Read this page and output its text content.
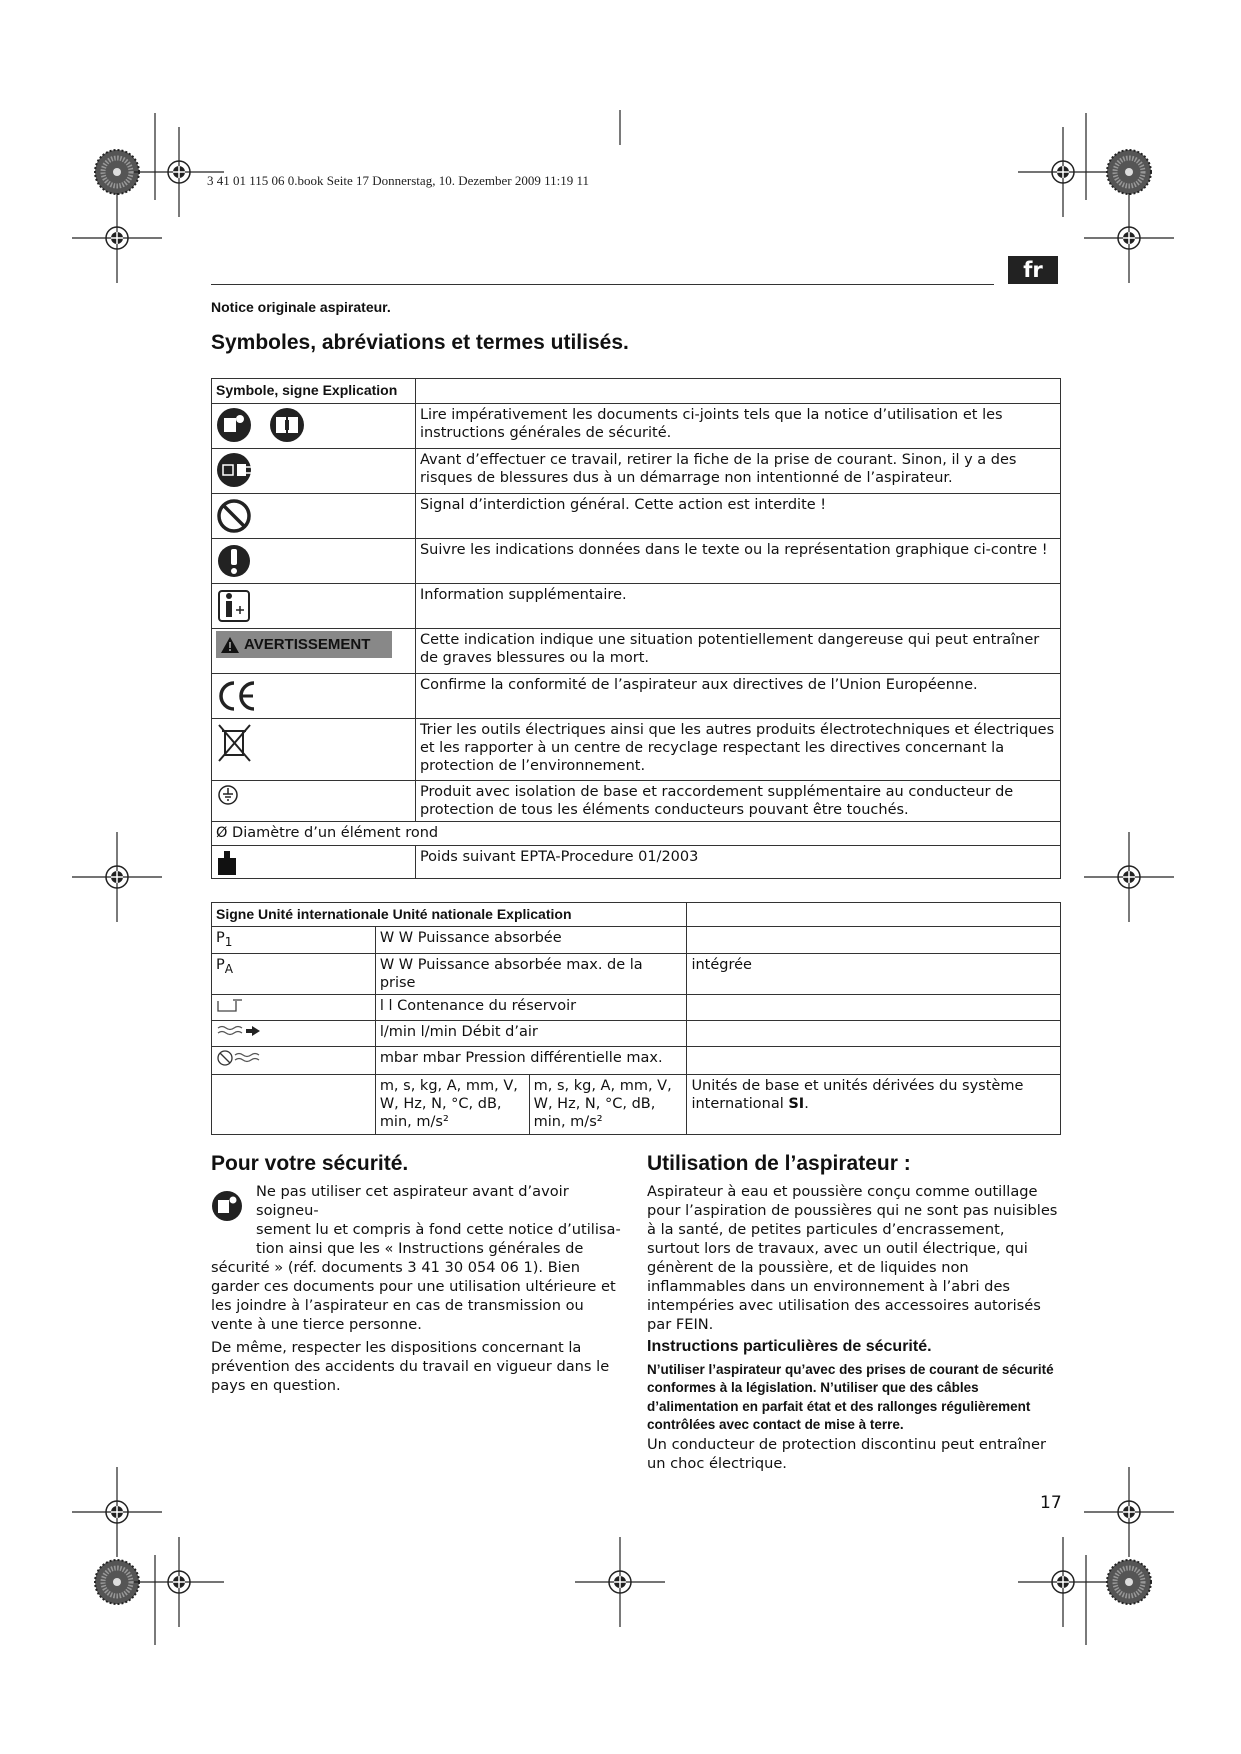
3 41 01 115 06 0.book Seite 17 Donnerstag, 10. Dezember 2009 11:19 11
fr
Notice originale aspirateur.
Symboles, abréviations et termes utilisés.
Symbole, signe Explication	
	Lire impérativement les documents ci-joints tels que la notice d’utilisation et les instructions générales de sécurité.
	Avant d’effectuer ce travail, retirer la fiche de la prise de courant. Sinon, il y a des risques de blessures dus à un démarrage non intentionné de l’aspirateur.
	Signal d’interdiction général. Cette action est interdite !
	Suivre les indications données dans le texte ou la représentation graphique ci-contre !
	Information supplémentaire.

AVERTISSEMENT	Cette indication indique une situation potentiellement dangereuse qui peut entraîner de graves blessures ou la mort.
	Confirme la conformité de l’aspirateur aux directives de l’Union Européenne.
	Trier les outils électriques ainsi que les autres produits électrotechniques et électriques et les rapporter à un centre de recyclage respectant les directives concernant la protection de l’environnement.
	Produit avec isolation de base et raccordement supplémentaire au conducteur de protection de tous les éléments conducteurs pouvant être touchés.
Ø Diamètre d’un élément rond	
	Poids suivant EPTA-Procedure 01/2003
Signe Unité internationale Unité nationale Explication			
$P_1$	W W Puissance absorbée		
$P_A$	W W Puissance absorbée max. de la prise		intégrée
	l l Contenance du réservoir		
	l/min l/min Débit d’air		
	mbar mbar Pression différentielle max.		
	m, s, kg, A, mm, V, W, Hz, N, °C, dB, min, m/s²	m, s, kg, A, mm, V, W, Hz, N, °C, dB, min, m/s²	Unités de base et unités dérivées du système international SI.
Pour votre sécurité.
Ne pas utiliser cet aspirateur avant d’avoir soigneu-
sement lu et compris à fond cette notice d’utilisa-
tion ainsi que les « Instructions générales de

sécurité » (réf. documents 3 41 30 054 06 1). Bien garder ces documents pour une utilisation ultérieure et les joindre à l’aspirateur en cas de transmission ou vente à une tierce personne.

De même, respecter les dispositions concernant la prévention des accidents du travail en vigueur dans le pays en question.

Utilisation de l’aspirateur :

Aspirateur à eau et poussière conçu comme outillage pour l’aspiration de poussières qui ne sont pas nuisibles à la santé, de petites particules d’encrassement, surtout lors de travaux, avec un outil électrique, qui génèrent de la poussière, et de liquides non inflammables dans un environnement à l’abri des intempéries avec utilisation des accessoires autorisés par FEIN.

Instructions particulières de sécurité.
N’utiliser l’aspirateur qu’avec des prises de courant de sécurité conformes à la législation. N’utiliser que des câbles d’alimentation en parfait état et des rallonges régulièrement contrôlées avec contact de mise à terre.

Un conducteur de protection discontinu peut entraîner un choc électrique.

17
